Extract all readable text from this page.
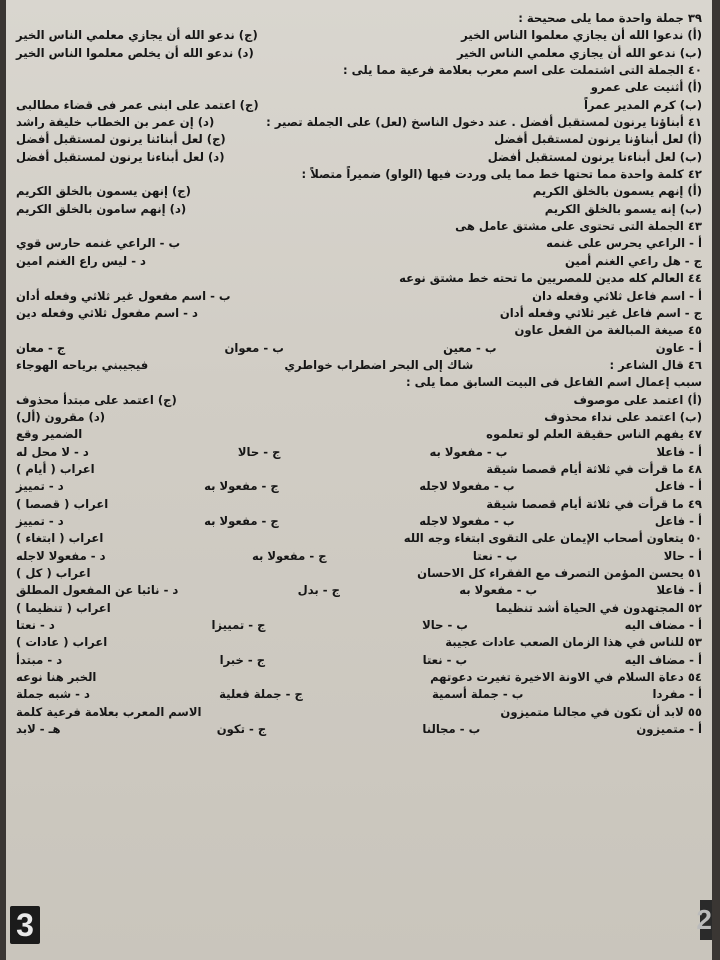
٣٩ جملة واحدة مما يلى صحيحة :
(أ) ندعوا الله أن يجازي معلموا الناس الخير
(ج) ندعو الله أن يجازي معلمي الناس الخير
(ب) ندعو الله أن يجازي معلمي الناس الخير
(د) ندعو الله أن يخلص معلموا الناس الخير
٤٠ الجملة التى اشتملت على اسم معرب بعلامة فرعية مما يلى :
(أ) أثنيت على عمرو
(ب) كرم المدير عمراً
(ج) اعتمد على ابنى عمر فى قضاء مطالبى
٤١ أبناؤنا يرنون لمستقبل أفضل . عند دخول الناسخ (لعل) على الجملة تصير :
(د) إن عمر بن الخطاب خليفة راشد
(أ) لعل أبناؤنا يرنون لمستقبل أفضل
(ج) لعل أبنائنا يرنون لمستقبل أفضل
(ب) لعل أبناءنا يرنون لمستقبل أفضل
(د) لعل أبناءنا يرنون لمستقبل أفضل
٤٢ كلمة واحدة مما تحتها خط مما يلى وردت فيها (الواو) ضميراً متصلاً :
(أ) إنهم يسمون بالخلق الكريم
(ج) إنهن يسمون بالخلق الكريم
(ب) إنه يسمو بالخلق الكريم
(د) إنهم سامون بالخلق الكريم
٤٣ الجملة التى تحتوى على مشتق عامل هى
أ - الراعي يحرس على غنمه
ب - الراعي غنمه حارس قوي
ج - هل راعي الغنم أمين
د - ليس راع الغنم امين
٤٤ العالم كله مدين للمصريين ما تحته خط مشتق نوعه
أ - اسم فاعل ثلاثي وفعله دان
ب - اسم مفعول غير ثلاثي وفعله أدان
ج - اسم فاعل غير ثلاثي وفعله أدان
د - اسم مفعول ثلاثي وفعله دين
٤٥ صيغة المبالغة من الفعل عاون
أ - عاون
ب - معين
ب - معوان
ج - معان
٤٦ قال الشاعر :
شاك إلى البحر اضطراب خواطري
فيجيبني برياحه الهوجاء
سبب إعمال اسم الفاعل فى البيت السابق مما يلى :
(أ) اعتمد على موصوف
(ج) اعتمد على مبتدأ محذوف
(ب) اعتمد على نداء محذوف
(د) مقرون (أل)
٤٧ يفهم الناس حقيقة العلم لو تعلموه
الضمير وقع
أ - فاعلا
ب - مفعولا به
ج - حالا
د - لا محل له
٤٨ ما قرأت في ثلاثة أيام قصصا شيقة
اعراب ( أيام )
أ - فاعل
ب - مفعولا لاجله
ج - مفعولا به
د - تمييز
٤٩ ما قرأت في ثلاثة أيام قصصا شيقة
اعراب ( قصصا )
أ - فاعل
ب - مفعولا لاجله
ج - مفعولا به
د - تمييز
٥٠ يتعاون أصحاب الإيمان على التقوى ابتغاء وجه الله
اعراب ( ابتغاء )
أ - حالا
ب - نعتا
ج - مفعولا به
د - مفعولا لاجله
٥١ يحسن المؤمن التصرف مع الفقراء كل الاحسان
اعراب ( كل )
أ - فاعلا
ب - مفعولا به
ج - بدل
د - نائبا عن المفعول المطلق
٥٢ المجتهدون في الحياة أشد تنظيما
اعراب ( تنظيما )
أ - مضاف اليه
ب - حالا
ج - تمييزا
د - نعتا
٥٣ للناس في هذا الزمان الصعب عادات عجيبة
اعراب ( عادات )
أ - مضاف اليه
ب - نعتا
ج - خبرا
د - مبتدأ
٥٤ دعاة السلام في الاونة الاخيرة تغيرت دعوتهم
الخبر هنا نوعه
أ - مفردا
ب - جملة أسمية
ج - جملة فعلية
د - شبه جملة
٥٥ لابد أن تكون في مجالنا متميزون
الاسم المعرب بعلامة فرعية كلمة
أ - متميزون
ب - مجالنا
ج - تكون
هـ - لابد
3	2
